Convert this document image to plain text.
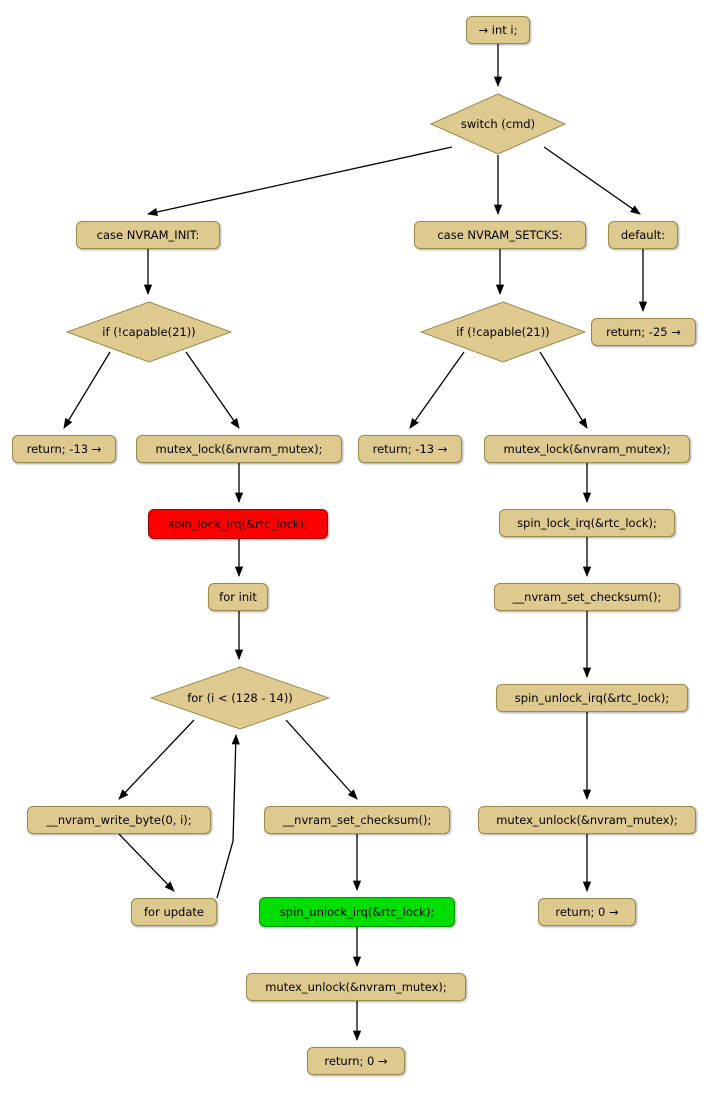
→ int i;
switch (cmd)
case NVRAM_INIT:	case NVRAM_SETCKS:	default:
if (!capable(21))	if (!capable(21))	return; -25 →
return; -13 →	mutex_lock(&nvram_mutex);	return; -13 →	mutex_lock(&nvram_mutex);
spin_lock_irq(&rtc_lock);	spin_lock_irq(&rtc_lock);
for init	__nvram_set_checksum();
for (i < (128 - 14))	spin_unlock_irq(&rtc_lock);
__nvram_write_byte(0, i);	__nvram_set_checksum();	mutex_unlock(&nvram_mutex);
for update	spin_unlock_irq(&rtc_lock);	return; 0 →
mutex_unlock(&nvram_mutex);
return; 0 →
